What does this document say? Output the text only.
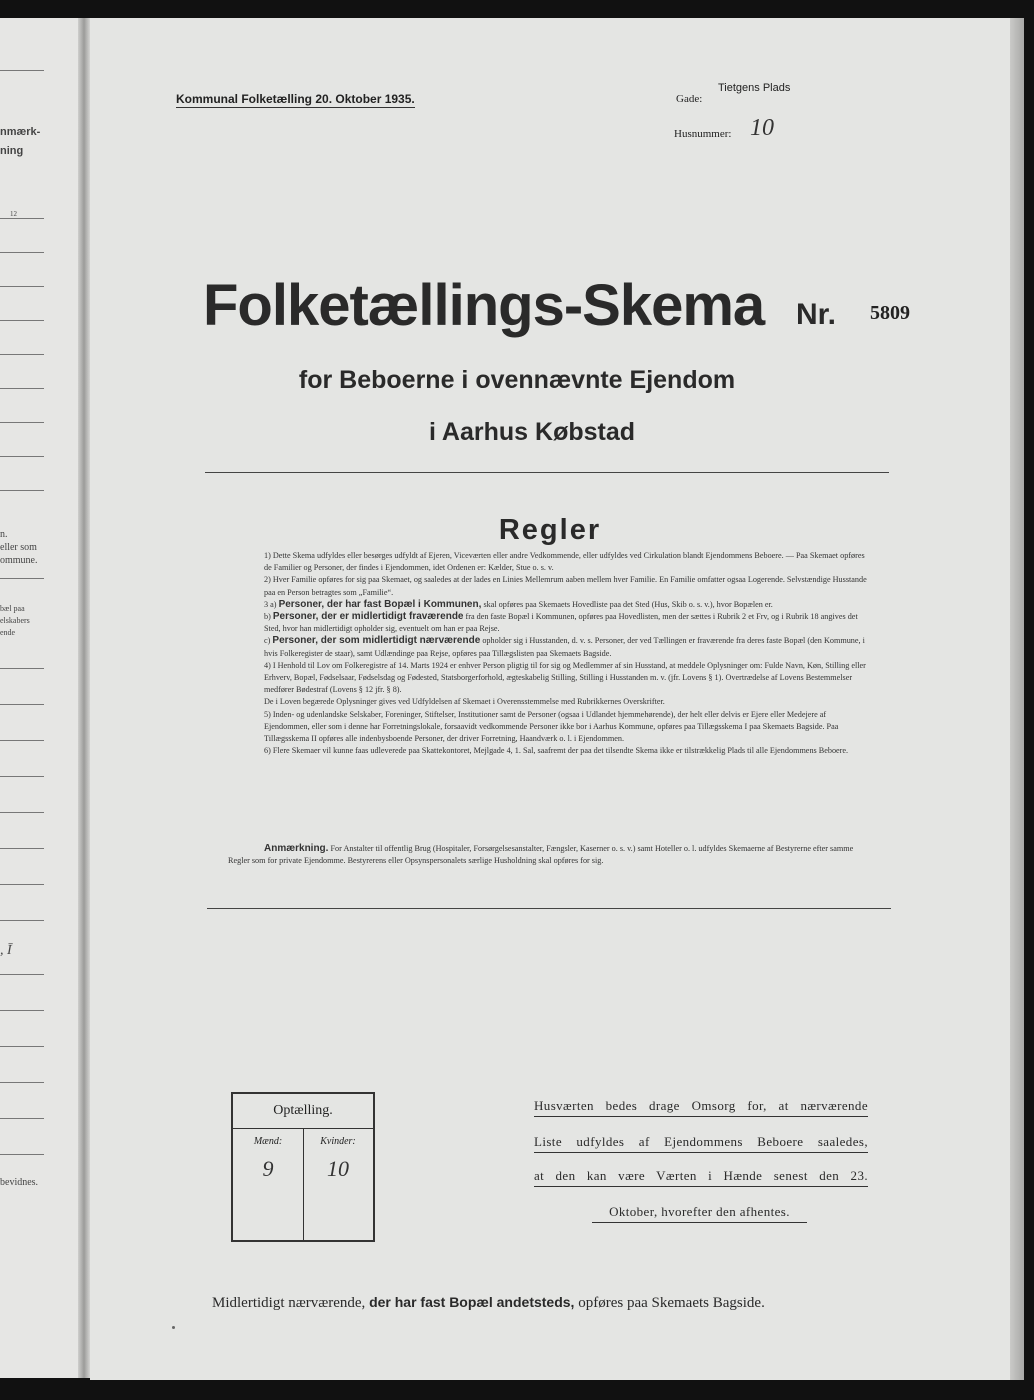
nmærk-
ning
12
n.
eller som
ommune.
bæl paa
elskabers
ende
, Ī
bevidnes.
Kommunal Folketælling 20. Oktober 1935.	Gade:
Tietgens Plads
Husnummer: 10
Folketællings-Skema Nr. 5809
for Beboerne i ovennævnte Ejendom
i Aarhus Købstad
Regler

1) Dette Skema udfyldes eller besørges udfyldt af Ejeren, Viceværten eller andre Vedkommende, eller udfyldes ved Cirkulation blandt Ejendommens Beboere. — Paa Skemaet opføres de Familier og Personer, der findes i Ejendommen, idet Ordenen er: Kælder, Stue o. s. v.

2) Hver Familie opføres for sig paa Skemaet, og saaledes at der lades en Linies Mellemrum aaben mellem hver Familie. En Familie omfatter ogsaa Logerende. Selvstændige Husstande paa en Person betragtes som „Familie“.

3 a) Personer, der har fast Bopæl i Kommunen, skal opføres paa Skemaets Hovedliste paa det Sted (Hus, Skib o. s. v.), hvor Bopælen er.

b) Personer, der er midlertidigt fraværende fra den faste Bopæl i Kommunen, opføres paa Hovedlisten, men der sættes i Rubrik 2 et Frv, og i Rubrik 18 angives det Sted, hvor han midlertidigt opholder sig, eventuelt om han er paa Rejse.

c) Personer, der som midlertidigt nærværende opholder sig i Husstanden, d. v. s. Personer, der ved Tællingen er fraværende fra deres faste Bopæl (den Kommune, i hvis Folkeregister de staar), samt Udlændinge paa Rejse, opføres paa Tillægslisten paa Skemaets Bagside.

4) I Henhold til Lov om Folkeregistre af 14. Marts 1924 er enhver Person pligtig til for sig og Medlemmer af sin Husstand, at meddele Oplysninger om: Fulde Navn, Køn, Stilling eller Erhverv, Bopæl, Fødselsaar, Fødselsdag og Fødested, Statsborgerforhold, ægteskabelig Stilling, Stilling i Husstanden m. v. (jfr. Lovens § 1). Overtrædelse af Lovens Bestemmelser medfører Bødestraf (Lovens § 12 jfr. § 8).

De i Loven begærede Oplysninger gives ved Udfyldelsen af Skemaet i Overensstemmelse med Rubrikkernes Overskrifter.

5) Inden- og udenlandske Selskaber, Foreninger, Stiftelser, Institutioner samt de Personer (ogsaa i Udlandet hjemmehørende), der helt eller delvis er Ejere eller Medejere af Ejendommen, eller som i denne har Forretningslokale, forsaavidt vedkommende Personer ikke bor i Aarhus Kommune, opføres paa Tillægsskema I paa Skemaets Bagside. Paa Tillægsskema II opføres alle indenbysboende Personer, der driver Forretning, Haandværk o. l. i Ejendommen.

6) Flere Skemaer vil kunne faas udleverede paa Skattekontoret, Mejlgade 4, 1. Sal, saafremt der paa det tilsendte Skema ikke er tilstrækkelig Plads til alle Ejendommens Beboere.

Anmærkning. For Anstalter til offentlig Brug (Hospitaler, Forsørgelsesanstalter, Fængsler, Kaserner o. s. v.) samt Hoteller o. l. udfyldes Skemaerne af Bestyrerne efter samme Regler som for private Ejendomme. Bestyrerens eller Opsynspersonalets særlige Husholdning skal opføres for sig.
Optælling.
Mænd:	Kvinder:
9	10
Husværten bedes drage Omsorg for, at nærværende
Liste udfyldes af Ejendommens Beboere saaledes,
at den kan være Værten i Hænde senest den 23.
Oktober, hvorefter den afhentes.
Midlertidigt nærværende, der har fast Bopæl andetsteds, opføres paa Skemaets Bagside.
